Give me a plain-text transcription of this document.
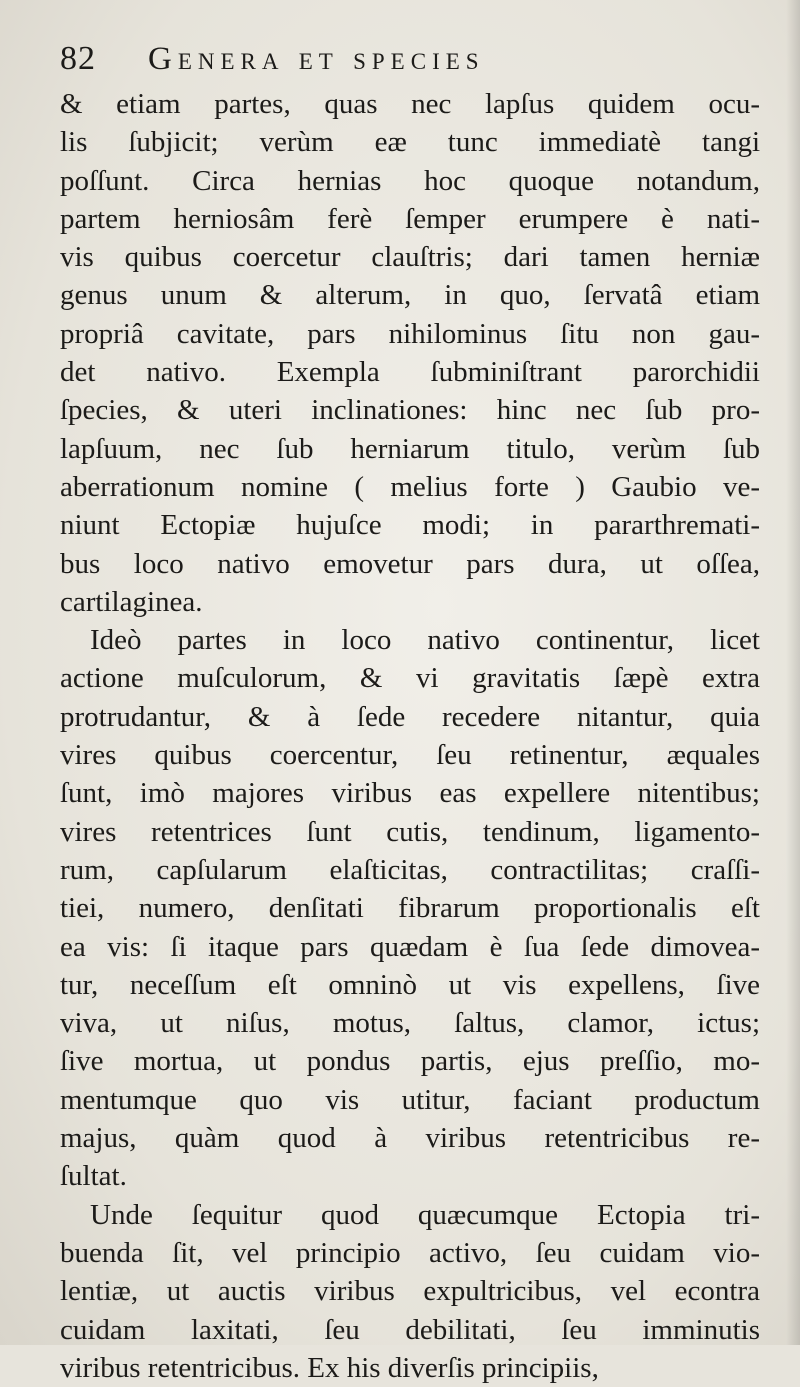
82 Genera et species
& etiam partes, quas nec lapſus quidem ocu-
lis ſubjicit; verùm eæ tunc immediatè tangi
poſſunt. Circa hernias hoc quoque notandum,
partem herniosâm ferè ſemper erumpere è nati-
vis quibus coercetur clauſtris; dari tamen herniæ
genus unum & alterum, in quo, ſervatâ etiam
propriâ cavitate, pars nihilominus ſitu non gau-
det nativo. Exempla ſubminiſtrant parorchidii
ſpecies, & uteri inclinationes: hinc nec ſub pro-
lapſuum, nec ſub herniarum titulo, verùm ſub
aberrationum nomine ( melius forte ) Gaubio ve-
niunt Ectopiæ hujuſce modi; in pararthremati-
bus loco nativo emovetur pars dura, ut oſſea,
cartilaginea.
Ideò partes in loco nativo continentur, licet
actione muſculorum, & vi gravitatis ſæpè extra
protrudantur, & à ſede recedere nitantur, quia
vires quibus coercentur, ſeu retinentur, æquales
ſunt, imò majores viribus eas expellere nitentibus;
vires retentrices ſunt cutis, tendinum, ligamento-
rum, capſularum elaſticitas, contractilitas; craſſi-
tiei, numero, denſitati fibrarum proportionalis eſt
ea vis: ſi itaque pars quædam è ſua ſede dimovea-
tur, neceſſum eſt omninò ut vis expellens, ſive
viva, ut niſus, motus, ſaltus, clamor, ictus;
ſive mortua, ut pondus partis, ejus preſſio, mo-
mentumque quo vis utitur, faciant productum
majus, quàm quod à viribus retentricibus re-
ſultat.
Unde ſequitur quod quæcumque Ectopia tri-
buenda ſit, vel principio activo, ſeu cuidam vio-
lentiæ, ut auctis viribus expultricibus, vel econtra
cuidam laxitati, ſeu debilitati, ſeu imminutis
viribus retentricibus. Ex his diverſis principiis,
